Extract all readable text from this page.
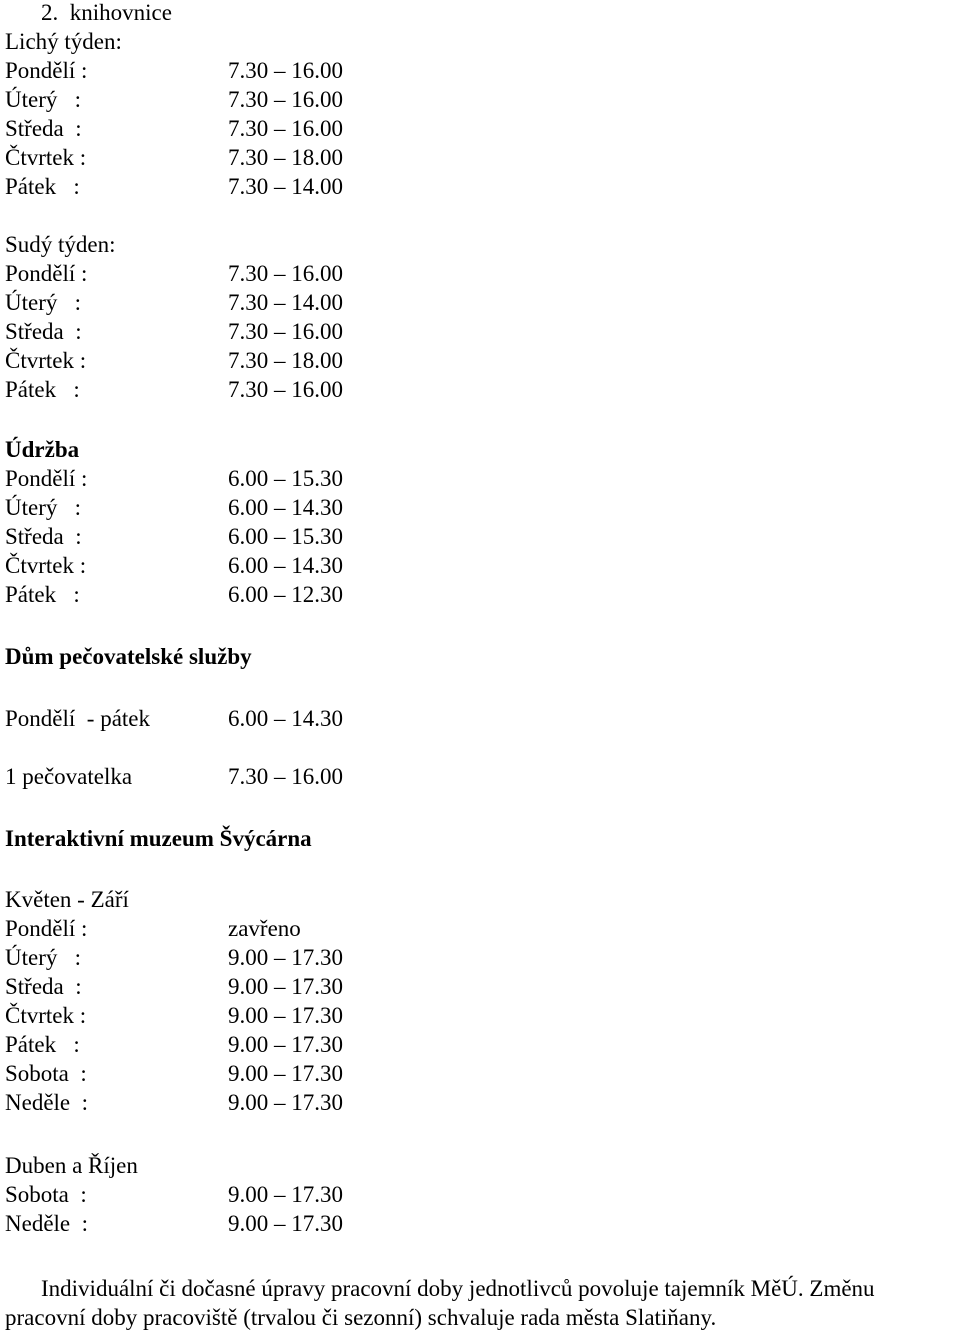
2. knihovnice
Lichý týden:
Pondělí :	7.30 – 16.00
Úterý   :	7.30 – 16.00
Středa  :	7.30 – 16.00
Čtvrtek :	7.30 – 18.00
Pátek   :	7.30 – 14.00
Sudý týden:
Pondělí :	7.30 – 16.00
Úterý   :	7.30 – 14.00
Středa  :	7.30 – 16.00
Čtvrtek :	7.30 – 18.00
Pátek   :	7.30 – 16.00
Údržba
Pondělí :	6.00 – 15.30
Úterý   :	6.00 – 14.30
Středa  :	6.00 – 15.30
Čtvrtek :	6.00 – 14.30
Pátek   :	6.00 – 12.30
Dům pečovatelské služby
Pondělí  - pátek	6.00 – 14.30
1 pečovatelka	7.30 – 16.00
Interaktivní muzeum Švýcárna
Květen - Září
Pondělí :	zavřeno
Úterý   :	9.00 – 17.30
Středa  :	9.00 – 17.30
Čtvrtek :	9.00 – 17.30
Pátek   :	9.00 – 17.30
Sobota  :	9.00 – 17.30
Neděle  :	9.00 – 17.30
Duben a Říjen
Sobota  :	9.00 – 17.30
Neděle  :	9.00 – 17.30
Individuální či dočasné úpravy pracovní doby jednotlivců povoluje tajemník MěÚ. Změnu
pracovní doby pracoviště (trvalou či sezonní) schvaluje rada města Slatiňany.
